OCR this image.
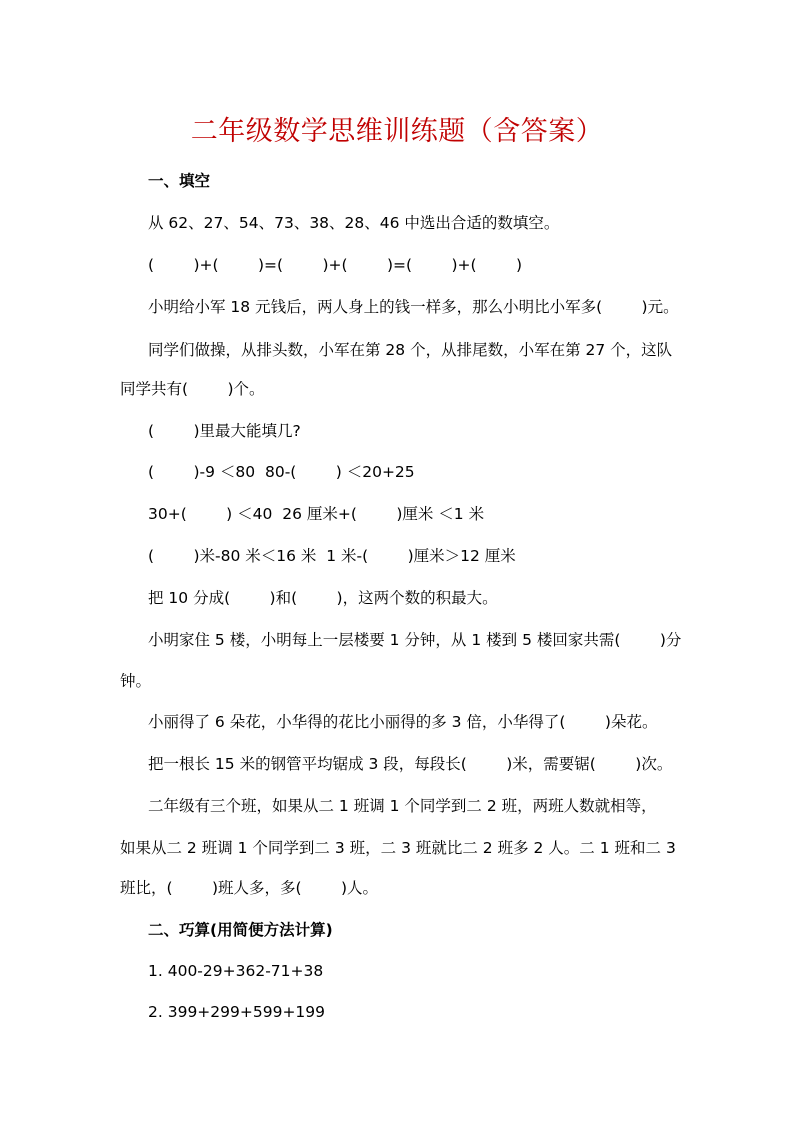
二年级数学思维训练题（含答案）
一、填空
从 62、27、54、73、38、28、46 中选出合适的数填空。
(        )+(        )=(        )+(        )=(        )+(        )
小明给小军 18 元钱后，两人身上的钱一样多，那么小明比小军多(        )元。
同学们做操，从排头数，小军在第 28 个，从排尾数，小军在第 27 个，这队
同学共有(        )个。
(        )里最大能填几?
(        )-9 ＜80  80-(        ) ＜20+25
30+(        ) ＜40  26 厘米+(        )厘米 ＜1 米
(        )米-80 米＜16 米  1 米-(        )厘米＞12 厘米
把 10 分成(        )和(        )，这两个数的积最大。
小明家住 5 楼，小明每上一层楼要 1 分钟，从 1 楼到 5 楼回家共需(        )分
钟。
小丽得了 6 朵花，小华得的花比小丽得的多 3 倍，小华得了(        )朵花。
把一根长 15 米的钢管平均锯成 3 段，每段长(        )米，需要锯(        )次。
二年级有三个班，如果从二 1 班调 1 个同学到二 2 班，两班人数就相等，
如果从二 2 班调 1 个同学到二 3 班，二 3 班就比二 2 班多 2 人。二 1 班和二 3
班比，(        )班人多，多(        )人。
二、巧算(用简便方法计算)
1. 400-29+362-71+38
2. 399+299+599+199
